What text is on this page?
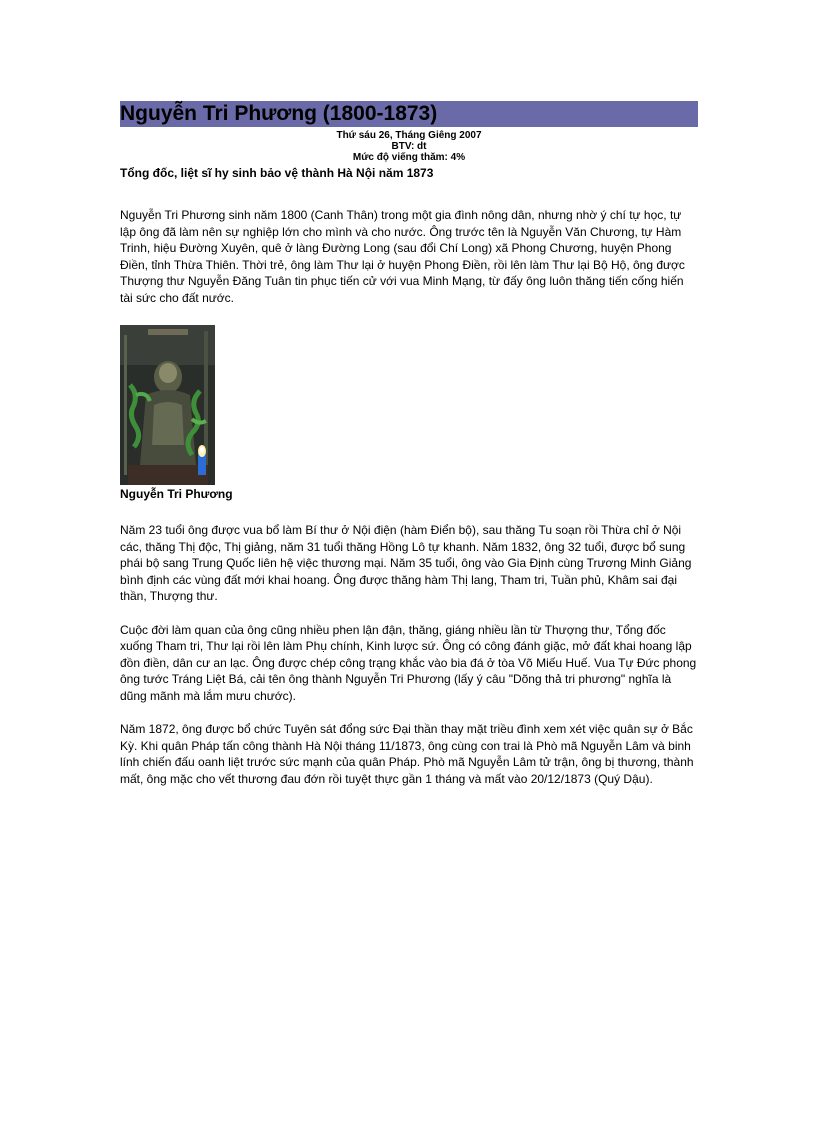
Nguyễn Tri Phương (1800-1873)
Thứ sáu 26, Tháng Giêng 2007
BTV: dt
Mức độ viếng thăm: 4%
Tổng đốc, liệt sĩ hy sinh bảo vệ thành Hà Nội năm 1873

Nguyễn Tri Phương sinh năm 1800 (Canh Thân) trong một gia đình nông dân, nhưng nhờ ý chí tự học, tự lập ông đã làm nên sự nghiệp lớn cho mình và cho nước. Ông trước tên là Nguyễn Văn Chương, tự Hàm Trinh, hiệu Đường Xuyên, quê ở làng Đường Long (sau đổi Chí Long) xã Phong Chương, huyện Phong Điền, tỉnh Thừa Thiên. Thời trẻ, ông làm Thư lại ở huyện Phong Điền, rồi lên làm Thư lại Bộ Hộ, ông được Thượng thư Nguyễn Đăng Tuân tin phục tiến cử với vua Minh Mạng, từ đấy ông luôn thăng tiến cống hiến tài sức cho đất nước.

Nguyễn Tri Phương

Năm 23 tuổi ông được vua bổ làm Bí thư ở Nội điện (hàm Điển bộ), sau thăng Tu soạn rồi Thừa chỉ ở Nội các, thăng Thị độc, Thị giảng, năm 31 tuổi thăng Hồng Lô tự khanh. Năm 1832, ông 32 tuổi, được bổ sung phái bộ sang Trung Quốc liên hệ việc thương mại. Năm 35 tuổi, ông vào Gia Định cùng Trương Minh Giảng bình định các vùng đất mới khai hoang. Ông được thăng hàm Thị lang, Tham tri, Tuần phủ, Khâm sai đại thần, Thượng thư.

Cuộc đời làm quan của ông cũng nhiều phen lận đận, thăng, giáng nhiều lần từ Thượng thư, Tổng đốc xuống Tham tri, Thư lại rồi lên làm Phụ chính, Kinh lược sứ. Ông có công đánh giặc, mở đất khai hoang lập đồn điền, dân cư an lạc. Ông được chép công trạng khắc vào bia đá ở tòa Võ Miếu Huế. Vua Tự Đức phong ông tước Tráng Liệt Bá, cải tên ông thành Nguyễn Tri Phương (lấy ý câu "Dõng thả tri phương" nghĩa là dũng mãnh mà lắm mưu chước).

Năm 1872, ông được bổ chức Tuyên sát đổng sức Đại thần thay mặt triều đình xem xét việc quân sự ở Bắc Kỳ. Khi quân Pháp tấn công thành Hà Nội tháng 11/1873, ông cùng con trai là Phò mã Nguyễn Lâm và binh lính chiến đấu oanh liệt trước sức mạnh của quân Pháp. Phò mã Nguyễn Lâm tử trận, ông bị thương, thành mất, ông mặc cho vết thương đau đớn rồi tuyệt thực gần 1 tháng và mất vào 20/12/1873 (Quý Dậu).
